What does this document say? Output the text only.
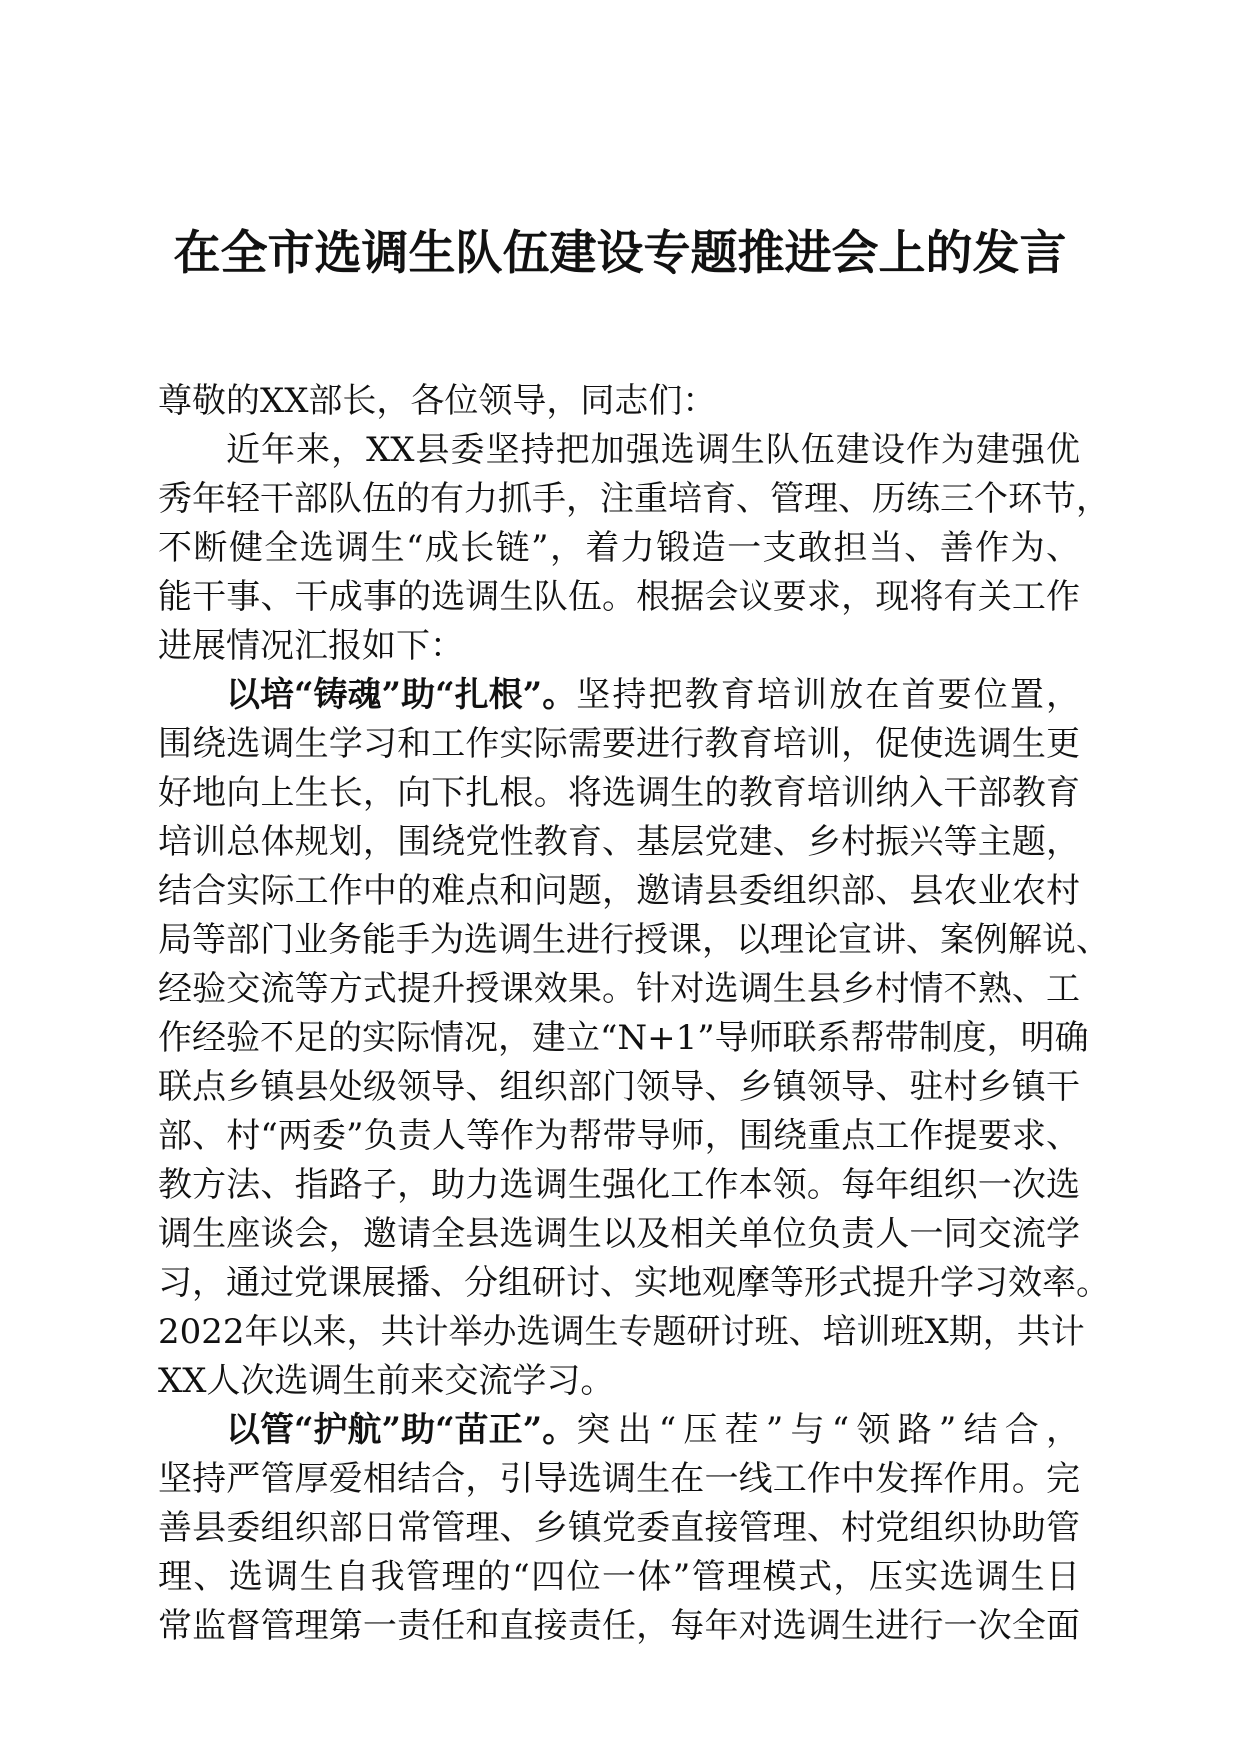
在全市选调生队伍建设专题推进会上的发言
尊敬的XX部长，各位领导，同志们：
近年来，XX县委坚持把加强选调生队伍建设作为建强优
秀年轻干部队伍的有力抓手，注重培育、管理、历练三个环节，
不断健全选调生“成长链”，着力锻造一支敢担当、善作为、
能干事、干成事的选调生队伍。根据会议要求，现将有关工作
进展情况汇报如下：
以培“铸魂”助“扎根”。 坚持把教育培训放在首要位置，
围绕选调生学习和工作实际需要进行教育培训，促使选调生更
好地向上生长，向下扎根。将选调生的教育培训纳入干部教育
培训总体规划，围绕党性教育、基层党建、乡村振兴等主题，
结合实际工作中的难点和问题，邀请县委组织部、县农业农村
局等部门业务能手为选调生进行授课，以理论宣讲、案例解说、
经验交流等方式提升授课效果。针对选调生县乡村情不熟、工
作经验不足的实际情况，建立“N+1”导师联系帮带制度，明确
联点乡镇县处级领导、组织部门领导、乡镇领导、驻村乡镇干
部、村“两委”负责人等作为帮带导师，围绕重点工作提要求、
教方法、指路子，助力选调生强化工作本领。每年组织一次选
调生座谈会，邀请全县选调生以及相关单位负责人一同交流学
习，通过党课展播、分组研讨、实地观摩等形式提升学习效率。
2022年以来，共计举办选调生专题研讨班、培训班X期，共计
XX人次选调生前来交流学习。
以管“护航”助“苗正”。 突出“压茬”与“领路”结合，
坚持严管厚爱相结合，引导选调生在一线工作中发挥作用。完
善县委组织部日常管理、乡镇党委直接管理、村党组织协助管
理、选调生自我管理的“四位一体”管理模式，压实选调生日
常监督管理第一责任和直接责任，每年对选调生进行一次全面
